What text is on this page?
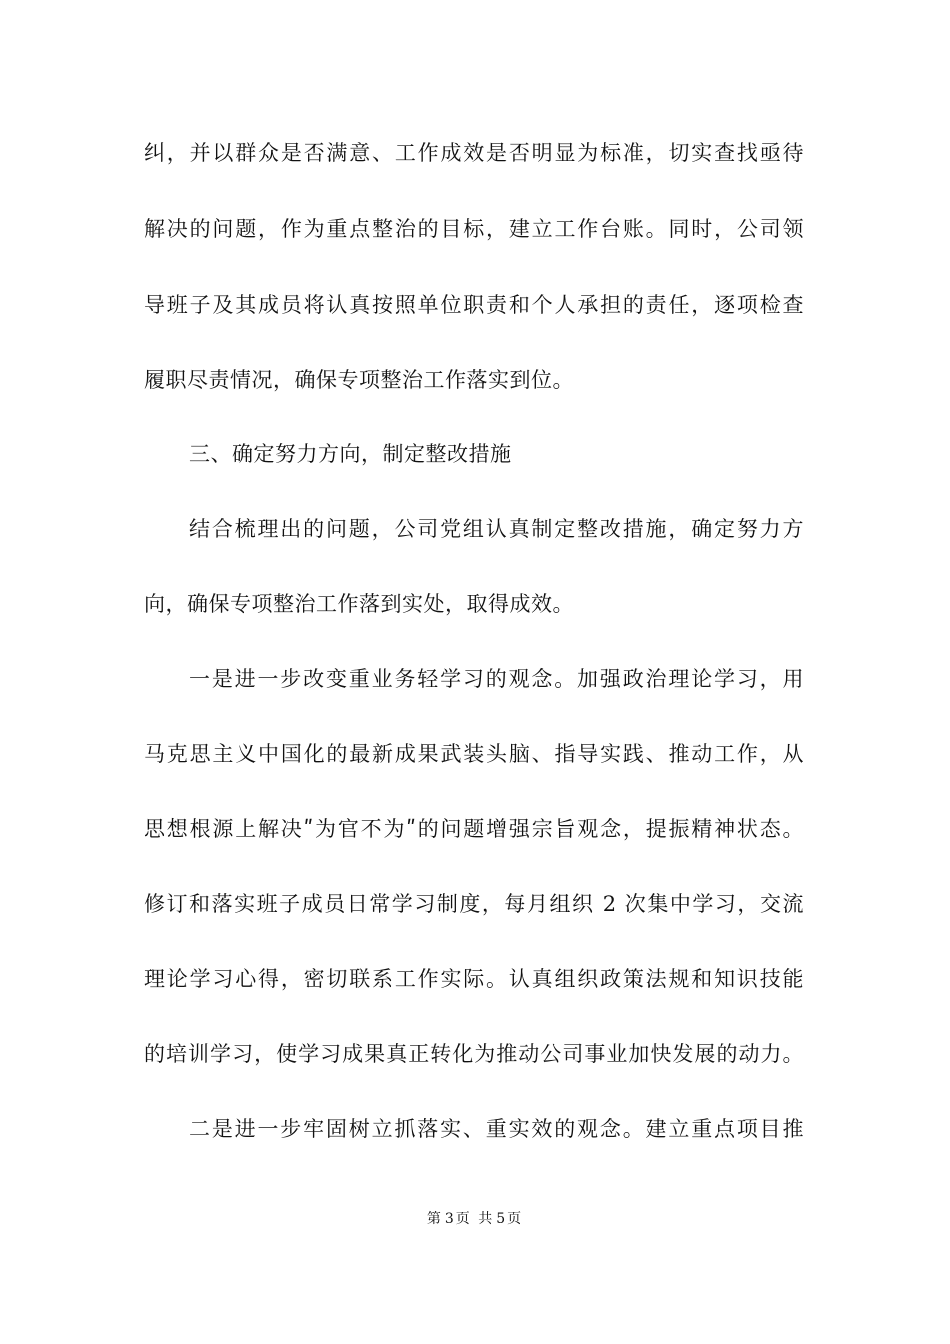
纠，并以群众是否满意、工作成效是否明显为标准，切实查找亟待
解决的问题，作为重点整治的目标，建立工作台账。同时，公司领
导班子及其成员将认真按照单位职责和个人承担的责任，逐项检查
履职尽责情况，确保专项整治工作落实到位。
三、确定努力方向，制定整改措施
结合梳理出的问题，公司党组认真制定整改措施，确定努力方
向，确保专项整治工作落到实处，取得成效。
一是进一步改变重业务轻学习的观念。加强政治理论学习，用
马克思主义中国化的最新成果武装头脑、指导实践、推动工作，从
思想根源上解决ʺ为官不为ʺ的问题增强宗旨观念，提振精神状态。
修订和落实班子成员日常学习制度，每月组织 2 次集中学习，交流
理论学习心得，密切联系工作实际。认真组织政策法规和知识技能
的培训学习，使学习成果真正转化为推动公司事业加快发展的动力。
二是进一步牢固树立抓落实、重实效的观念。建立重点项目推
第 3 页 共 5 页
